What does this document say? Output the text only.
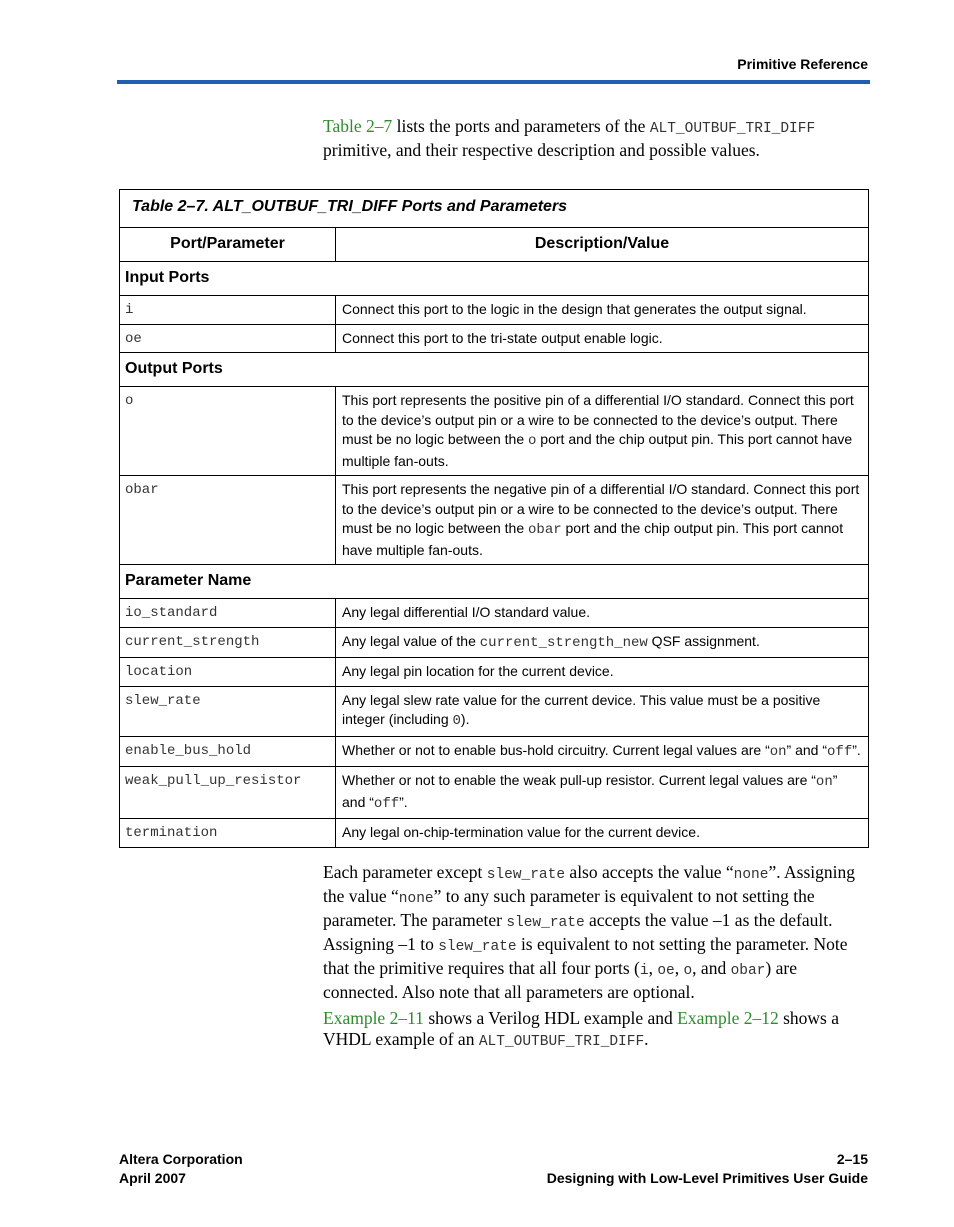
Primitive Reference

Table 2–7 lists the ports and parameters of the ALT_OUTBUF_TRI_DIFF primitive, and their respective description and possible values.

Table 2–7. ALT_OUTBUF_TRI_DIFF Ports and Parameters	
Port/Parameter	Description/Value
Input Ports	
i	Connect this port to the logic in the design that generates the output signal.
oe	Connect this port to the tri-state output enable logic.
Output Ports	
o	This port represents the positive pin of a differential I/O standard. Connect this port to the device’s output pin or a wire to be connected to the device’s output. There must be no logic between the o port and the chip output pin. This port cannot have multiple fan-outs.
obar	This port represents the negative pin of a differential I/O standard. Connect this port to the device’s output pin or a wire to be connected to the device’s output. There must be no logic between the obar port and the chip output pin. This port cannot have multiple fan-outs.
Parameter Name	
io_standard	Any legal differential I/O standard value.
current_strength	Any legal value of the current_strength_new QSF assignment.
location	Any legal pin location for the current device.
slew_rate	Any legal slew rate value for the current device. This value must be a positive integer (including 0).
enable_bus_hold	Whether or not to enable bus-hold circuitry. Current legal values are “on” and “off”.
weak_pull_up_resistor	Whether or not to enable the weak pull-up resistor. Current legal values are “on” and “off”.
termination	Any legal on-chip-termination value for the current device.

Each parameter except slew_rate also accepts the value “none”. Assigning the value “none” to any such parameter is equivalent to not setting the parameter. The parameter slew_rate accepts the value –1 as the default. Assigning –1 to slew_rate is equivalent to not setting the parameter. Note that the primitive requires that all four ports (i, oe, o, and obar) are connected. Also note that all parameters are optional.

Example 2–11 shows a Verilog HDL example and Example 2–12 shows a VHDL example of an ALT_OUTBUF_TRI_DIFF.

Altera Corporation
April 2007
2–15
Designing with Low-Level Primitives User Guide
